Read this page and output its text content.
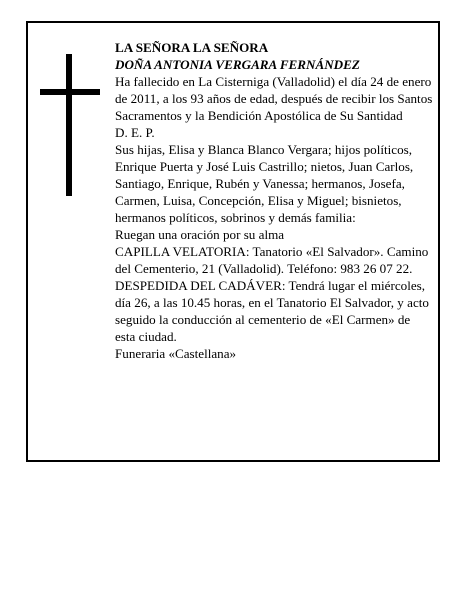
LA SEÑORA LA SEÑORA

DOÑA ANTONIA VERGARA FERNÁNDEZ

Ha fallecido en La Cisterniga (Valladolid) el día 24 de enero de 2011, a los 93 años de edad, después de recibir los Santos Sacramentos y la Bendición Apostólica de Su Santidad

D. E. P.

Sus hijas, Elisa y Blanca Blanco Vergara; hijos políticos, Enrique Puerta y José Luis Castrillo; nietos, Juan Carlos, Santiago, Enrique, Rubén y Vanessa; hermanos, Josefa, Carmen, Luisa, Concepción, Elisa y Miguel; bisnietos, hermanos políticos, sobrinos y demás familia:

Ruegan una oración por su alma

CAPILLA VELATORIA: Tanatorio «El Salvador». Camino del Cementerio, 21 (Valladolid). Teléfono: 983 26 07 22.

DESPEDIDA DEL CADÁVER: Tendrá lugar el miércoles, día 26, a las 10.45 horas, en el Tanatorio El Salvador, y acto seguido la conducción al cementerio de «El Carmen» de esta ciudad.

Funeraria «Castellana»
